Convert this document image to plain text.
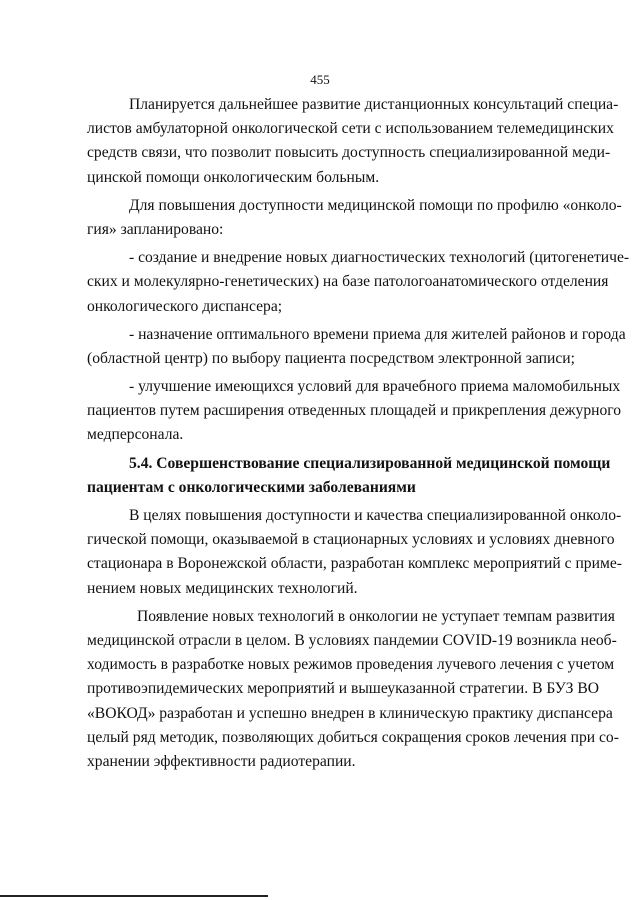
455
Планируется дальнейшее развитие дистанционных консультаций специа-
листов амбулаторной онкологической сети с использованием телемедицинских
средств связи, что позволит повысить доступность специализированной меди-
цинской помощи онкологическим больным.
Для повышения доступности медицинской помощи по профилю «онколо-
гия» запланировано:
- создание и внедрение новых диагностических технологий (цитогенетиче-
ских и молекулярно-генетических) на базе патологоанатомического отделения
онкологического диспансера;
- назначение оптимального времени приема для жителей районов и города
(областной центр) по выбору пациента посредством электронной записи;
- улучшение имеющихся условий для врачебного приема маломобильных
пациентов путем расширения отведенных площадей и прикрепления дежурного
медперсонала.
5.4. Совершенствование специализированной медицинской помощи
пациентам с онкологическими заболеваниями
В целях повышения доступности и качества специализированной онколо-
гической помощи, оказываемой в стационарных условиях и условиях дневного
стационара в Воронежской области, разработан комплекс мероприятий с приме-
нением новых медицинских технологий.
Появление новых технологий в онкологии не уступает темпам развития
медицинской отрасли в целом. В условиях пандемии COVID-19 возникла необ-
ходимость в разработке новых режимов проведения лучевого лечения с учетом
противоэпидемических мероприятий и вышеуказанной стратегии. В БУЗ ВО
«ВОКОД» разработан и успешно внедрен в клиническую практику диспансера
целый ряд методик, позволяющих добиться сокращения сроков лечения при со-
хранении эффективности радиотерапии.
